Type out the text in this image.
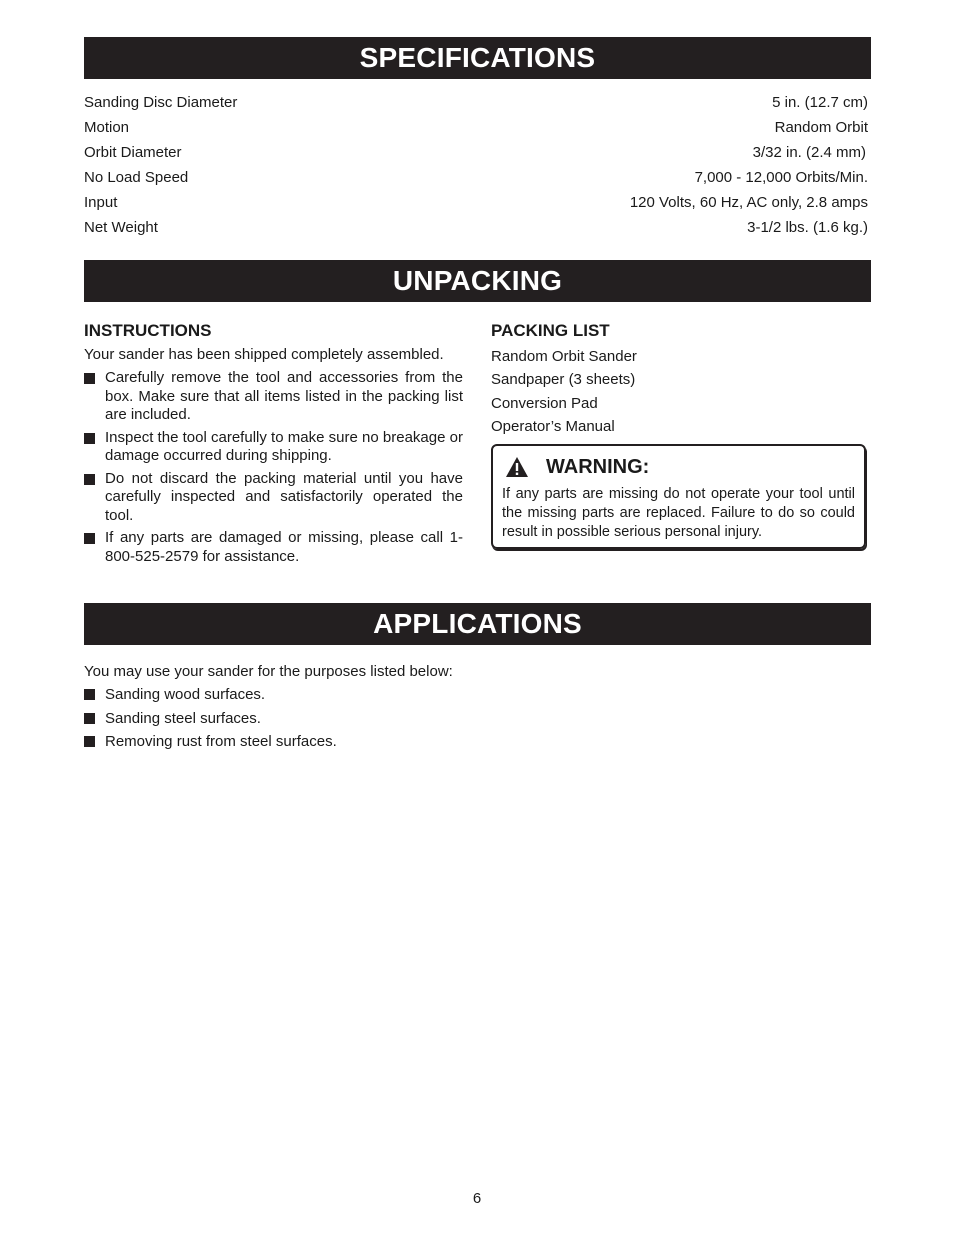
SPECIFICATIONS
Sanding Disc Diameter	5 in. (12.7 cm)
Motion	Random Orbit
Orbit Diameter	3/32 in. (2.4 mm)
No Load Speed	7,000 - 12,000 Orbits/Min.
Input	120 Volts, 60 Hz, AC only, 2.8 amps
Net Weight	3-1/2 lbs. (1.6 kg.)
UNPACKING
INSTRUCTIONS
Your sander has been shipped completely assembled.
Carefully remove the tool and accessories from the box. Make sure that all items listed in the packing list are included.
Inspect the tool carefully to make sure no breakage or damage occurred during shipping.
Do not discard the packing material until you have carefully inspected and satisfactorily operated the tool.
If any parts are damaged or missing, please call 1-800-525-2579 for assistance.
PACKING LIST
Random Orbit Sander
Sandpaper (3 sheets)
Conversion Pad
Operator’s Manual
WARNING:
If any parts are missing do not operate your tool until the missing parts are replaced. Failure to do so could result in possible serious personal injury.
APPLICATIONS
You may use your sander for the purposes listed below:
Sanding wood surfaces.
Sanding steel surfaces.
Removing rust from steel surfaces.
6
